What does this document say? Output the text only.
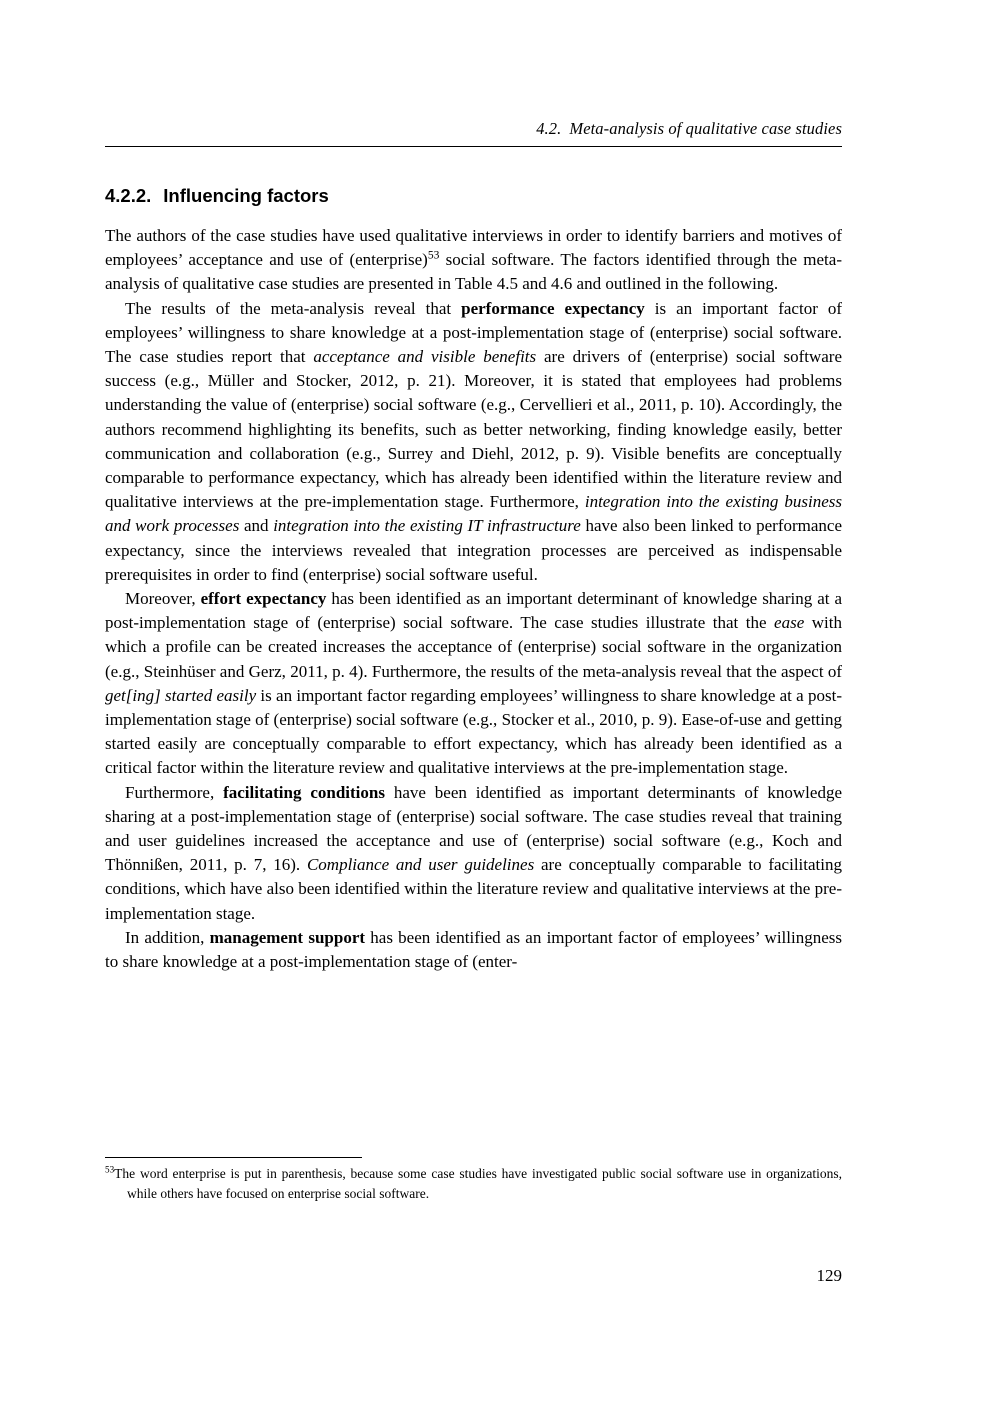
4.2. Meta-analysis of qualitative case studies
4.2.2. Influencing factors

The authors of the case studies have used qualitative interviews in order to identify barriers and motives of employees’ acceptance and use of (enterprise)$^{53}$ social software. The factors identified through the meta-analysis of qualitative case studies are presented in Table 4.5 and 4.6 and outlined in the following.

The results of the meta-analysis reveal that performance expectancy is an important factor of employees’ willingness to share knowledge at a post-implementation stage of (enterprise) social software. The case studies report that acceptance and visible benefits are drivers of (enterprise) social software success (e.g., Müller and Stocker, 2012, p. 21). Moreover, it is stated that employees had problems understanding the value of (enterprise) social software (e.g., Cervellieri et al., 2011, p. 10). Accordingly, the authors recommend highlighting its benefits, such as better networking, finding knowledge easily, better communication and collaboration (e.g., Surrey and Diehl, 2012, p. 9). Visible benefits are conceptually comparable to performance expectancy, which has already been identified within the literature review and qualitative interviews at the pre-implementation stage. Furthermore, integration into the existing business and work processes and integration into the existing IT infrastructure have also been linked to performance expectancy, since the interviews revealed that integration processes are perceived as indispensable prerequisites in order to find (enterprise) social software useful.

Moreover, effort expectancy has been identified as an important determinant of knowledge sharing at a post-implementation stage of (enterprise) social software. The case studies illustrate that the ease with which a profile can be created increases the acceptance of (enterprise) social software in the organization (e.g., Steinhüser and Gerz, 2011, p. 4). Furthermore, the results of the meta-analysis reveal that the aspect of get[ing] started easily is an important factor regarding employees’ willingness to share knowledge at a post-implementation stage of (enterprise) social software (e.g., Stocker et al., 2010, p. 9). Ease-of-use and getting started easily are conceptually comparable to effort expectancy, which has already been identified as a critical factor within the literature review and qualitative interviews at the pre-implementation stage.

Furthermore, facilitating conditions have been identified as important determinants of knowledge sharing at a post-implementation stage of (enterprise) social software. The case studies reveal that training and user guidelines increased the acceptance and use of (enterprise) social software (e.g., Koch and Thönnißen, 2011, p. 7, 16). Compliance and user guidelines are conceptually comparable to facilitating conditions, which have also been identified within the literature review and qualitative interviews at the pre-implementation stage.

In addition, management support has been identified as an important factor of employees’ willingness to share knowledge at a post-implementation stage of (enter-

$^{53}$The word enterprise is put in parenthesis, because some case studies have investigated public social software use in organizations, while others have focused on enterprise social software.
129
